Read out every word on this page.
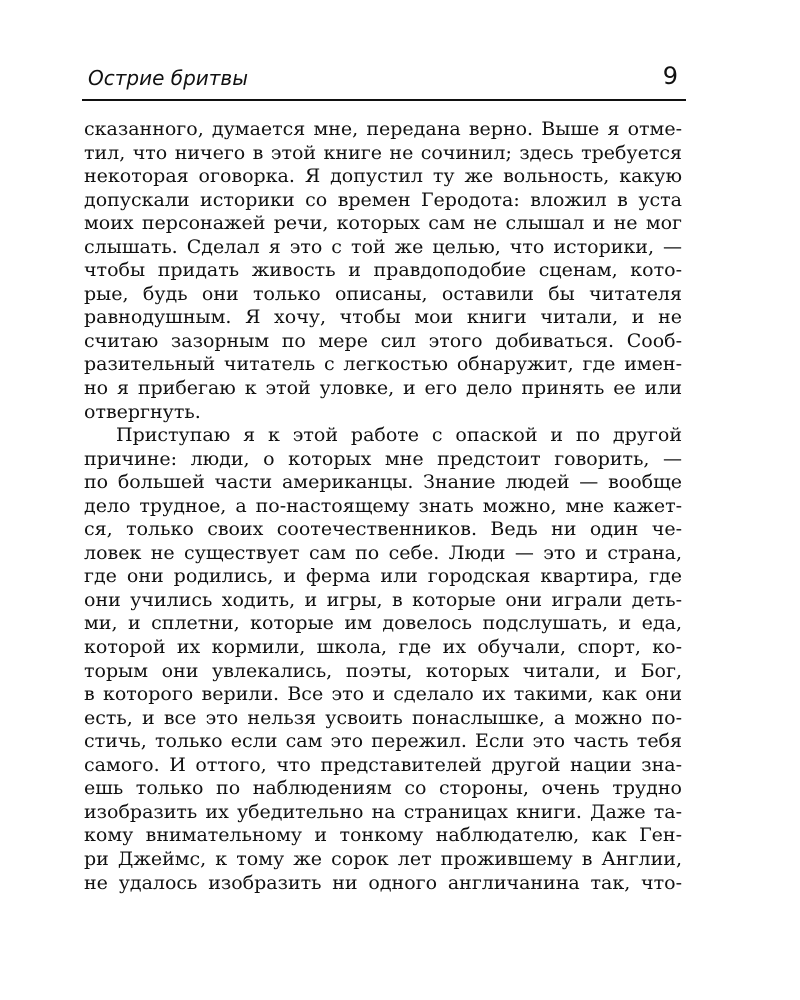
Острие бритвы	9
сказанного, думается мне, передана верно. Выше я отме-
тил, что ничего в этой книге не сочинил; здесь требуется
некоторая оговорка. Я допустил ту же вольность, какую
допускали историки со времен Геродота: вложил в уста
моих персонажей речи, которых сам не слышал и не мог
слышать. Сделал я это с той же целью, что историки, —
чтобы придать живость и правдоподобие сценам, кото-
рые, будь они только описаны, оставили бы читателя
равнодушным. Я хочу, чтобы мои книги читали, и не
считаю зазорным по мере сил этого добиваться. Сооб-
разительный читатель с легкостью обнаружит, где имен-
но я прибегаю к этой уловке, и его дело принять ее или
отвергнуть.
Приступаю я к этой работе с опаской и по другой
причине: люди, о которых мне предстоит говорить, —
по большей части американцы. Знание людей — вообще
дело трудное, а по-настоящему знать можно, мне кажет-
ся, только своих соотечественников. Ведь ни один че-
ловек не существует сам по себе. Люди — это и страна,
где они родились, и ферма или городская квартира, где
они учились ходить, и игры, в которые они играли деть-
ми, и сплетни, которые им довелось подслушать, и еда,
которой их кормили, школа, где их обучали, спорт, ко-
торым они увлекались, поэты, которых читали, и Бог,
в которого верили. Все это и сделало их такими, как они
есть, и все это нельзя усвоить понаслышке, а можно по-
стичь, только если сам это пережил. Если это часть тебя
самого. И оттого, что представителей другой нации зна-
ешь только по наблюдениям со стороны, очень трудно
изобразить их убедительно на страницах книги. Даже та-
кому внимательному и тонкому наблюдателю, как Ген-
ри Джеймс, к тому же сорок лет прожившему в Англии,
не удалось изобразить ни одного англичанина так, что-
